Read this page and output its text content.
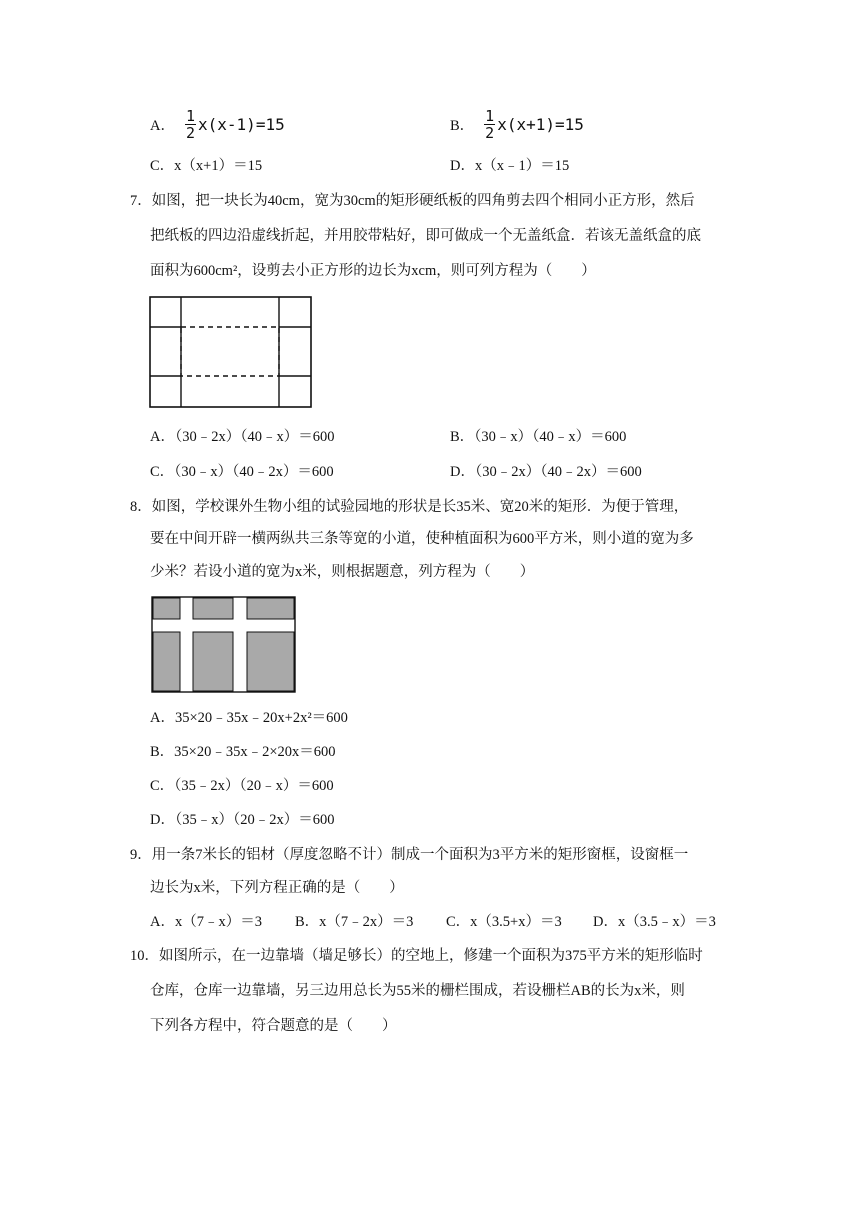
A． $\frac{1}{2} x(x-1)=15$	B． $\frac{1}{2} x(x+1)=15$
C．x（x+1）＝15	D．x（x﹣1）＝15
7．如图，把一块长为40cm，宽为30cm的矩形硬纸板的四角剪去四个相同小正方形，然后
把纸板的四边沿虚线折起，并用胶带粘好，即可做成一个无盖纸盒．若该无盖纸盒的底
面积为600cm²，设剪去小正方形的边长为xcm，则可列方程为（　　）
A．（30﹣2x）（40﹣x）＝600	B．（30﹣x）（40﹣x）＝600
C．（30﹣x）（40﹣2x）＝600	D．（30﹣2x）（40﹣2x）＝600
8．如图，学校课外生物小组的试验园地的形状是长35米、宽20米的矩形．为便于管理，
要在中间开辟一横两纵共三条等宽的小道，使种植面积为600平方米，则小道的宽为多
少米？若设小道的宽为x米，则根据题意，列方程为（　　）
A．35×20﹣35x﹣20x+2x²＝600
B．35×20﹣35x﹣2×20x＝600
C．（35﹣2x）（20﹣x）＝600
D．（35﹣x）（20﹣2x）＝600
9．用一条7米长的铝材（厚度忽略不计）制成一个面积为3平方米的矩形窗框，设窗框一
边长为x米，下列方程正确的是（　　）
A．x（7﹣x）＝3 B．x（7﹣2x）＝3 C．x（3.5+x）＝3 D．x（3.5﹣x）＝3
10．如图所示，在一边靠墙（墙足够长）的空地上，修建一个面积为375平方米的矩形临时
仓库，仓库一边靠墙，另三边用总长为55米的栅栏围成，若设栅栏AB的长为x米，则
下列各方程中，符合题意的是（　　）
